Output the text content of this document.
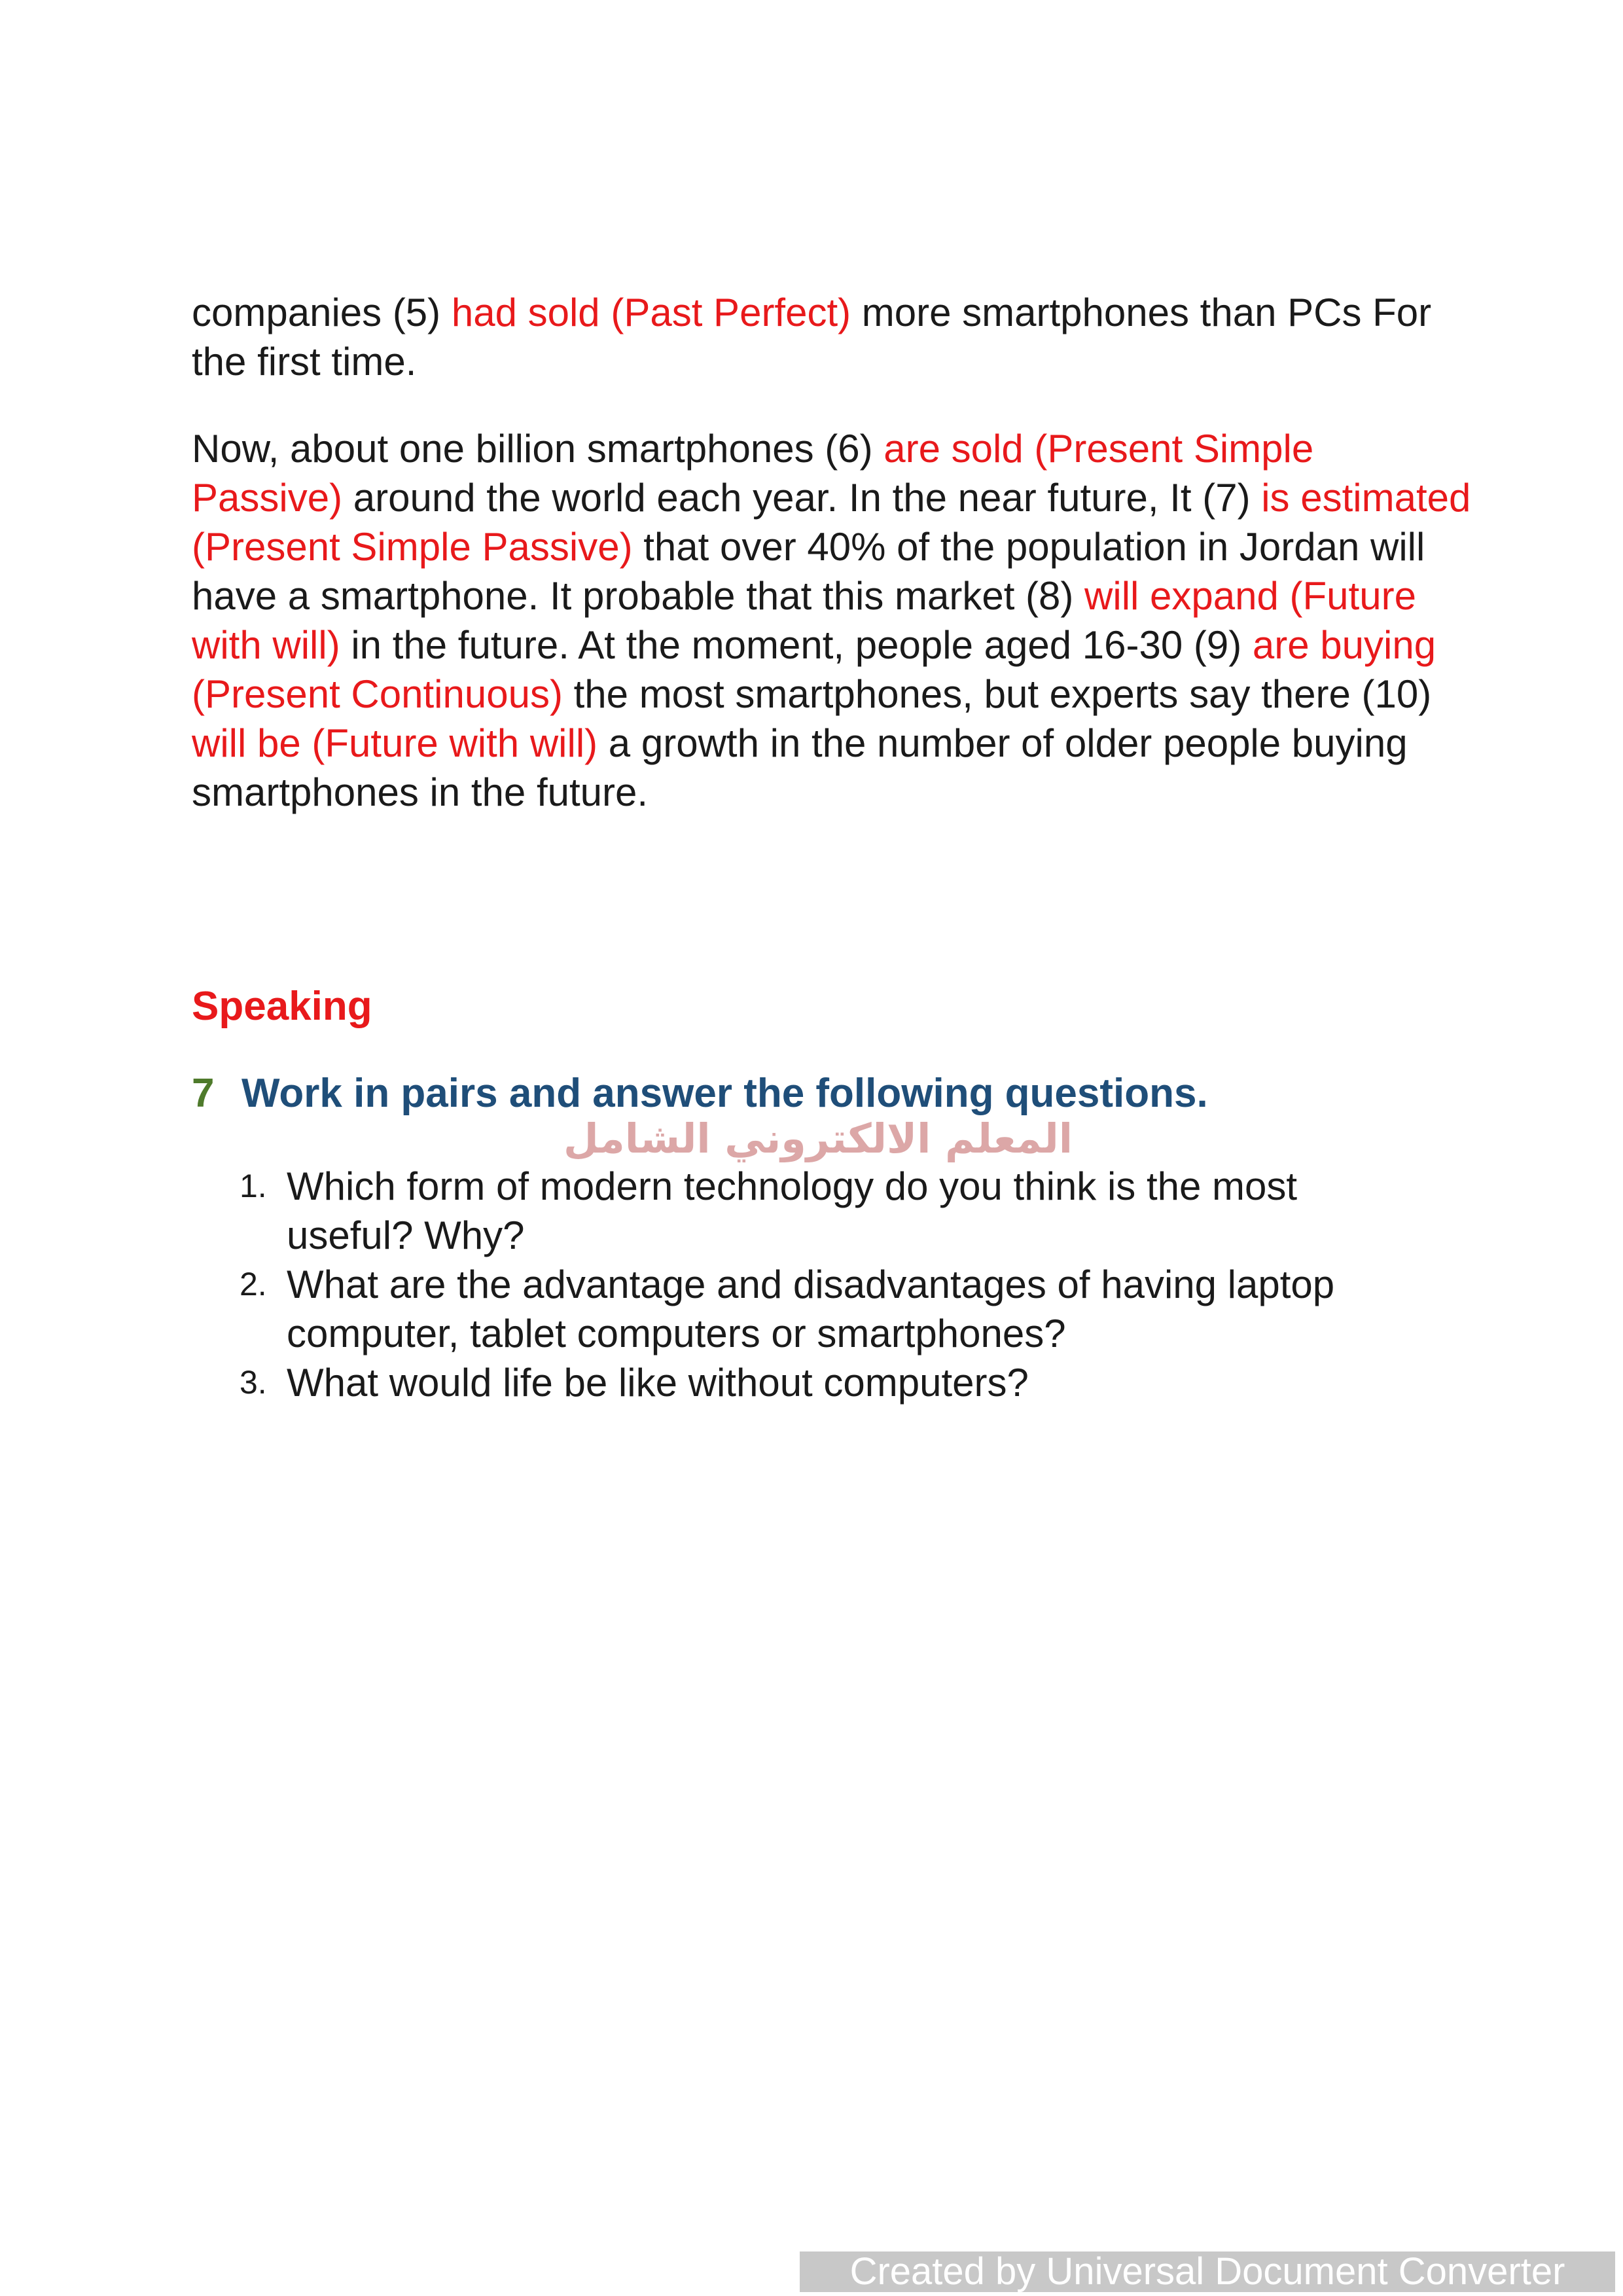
companies (5) had sold (Past Perfect) more smartphones than PCs For the first time.

Now, about one billion smartphones (6) are sold (Present Simple Passive) around the world each year. In the near future, It (7) is estimated (Present Simple Passive) that over 40% of the population in Jordan will have a smartphone. It probable that this market (8) will expand (Future with will) in the future. At the moment, people aged 16-30 (9) are buying (Present Continuous) the most smartphones, but experts say there (10) will be (Future with will) a growth in the number of older people buying smartphones in the future.

Speaking
7 Work in pairs and answer the following questions.
1. Which form of modern technology do you think is the most useful? Why?
2. What are the advantage and disadvantages of having laptop computer, tablet computers or smartphones?
3. What would life be like without computers?
المعلم الالكتروني الشامل
Created by Universal Document Converter
